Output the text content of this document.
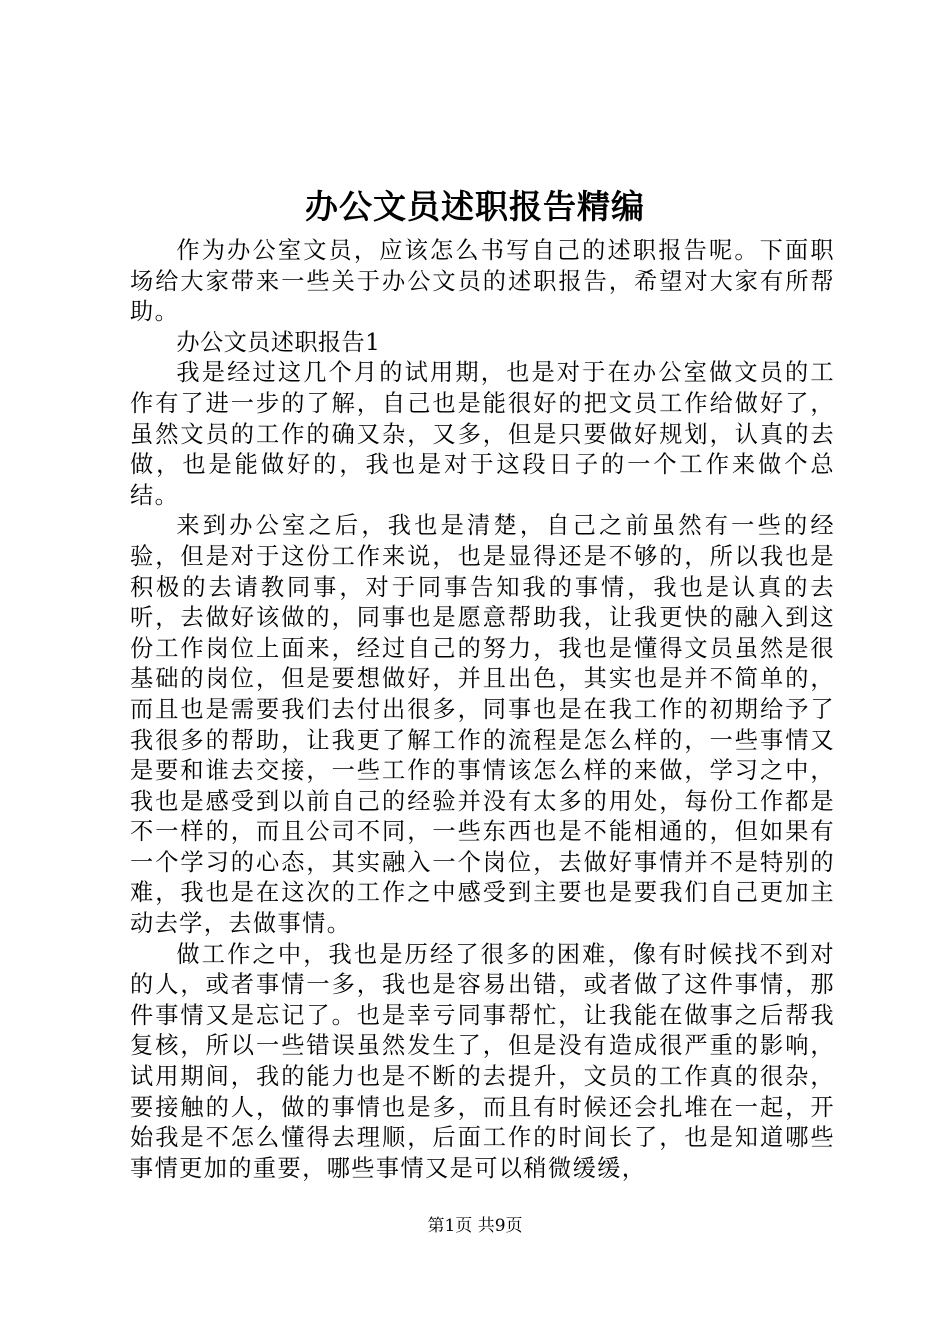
办公文员述职报告精编

作为办公室文员，应该怎么书写自己的述职报告呢。下面职场给大家带来一些关于办公文员的述职报告，希望对大家有所帮助。

办公文员述职报告1

我是经过这几个月的试用期，也是对于在办公室做文员的工作有了进一步的了解，自己也是能很好的把文员工作给做好了，虽然文员的工作的确又杂，又多，但是只要做好规划，认真的去做，也是能做好的，我也是对于这段日子的一个工作来做个总结。

来到办公室之后，我也是清楚，自己之前虽然有一些的经验，但是对于这份工作来说，也是显得还是不够的，所以我也是积极的去请教同事，对于同事告知我的事情，我也是认真的去听，去做好该做的，同事也是愿意帮助我，让我更快的融入到这份工作岗位上面来，经过自己的努力，我也是懂得文员虽然是很基础的岗位，但是要想做好，并且出色，其实也是并不简单的，而且也是需要我们去付出很多，同事也是在我工作的初期给予了我很多的帮助，让我更了解工作的流程是怎么样的，一些事情又是要和谁去交接，一些工作的事情该怎么样的来做，学习之中，我也是感受到以前自己的经验并没有太多的用处，每份工作都是不一样的，而且公司不同，一些东西也是不能相通的，但如果有一个学习的心态，其实融入一个岗位，去做好事情并不是特别的难，我也是在这次的工作之中感受到主要也是要我们自己更加主动去学，去做事情。

做工作之中，我也是历经了很多的困难，像有时候找不到对的人，或者事情一多，我也是容易出错，或者做了这件事情，那件事情又是忘记了。也是幸亏同事帮忙，让我能在做事之后帮我复核，所以一些错误虽然发生了，但是没有造成很严重的影响，试用期间，我的能力也是不断的去提升，文员的工作真的很杂，要接触的人，做的事情也是多，而且有时候还会扎堆在一起，开始我是不怎么懂得去理顺，后面工作的时间长了，也是知道哪些事情更加的重要，哪些事情又是可以稍微缓缓，

第1页 共9页
